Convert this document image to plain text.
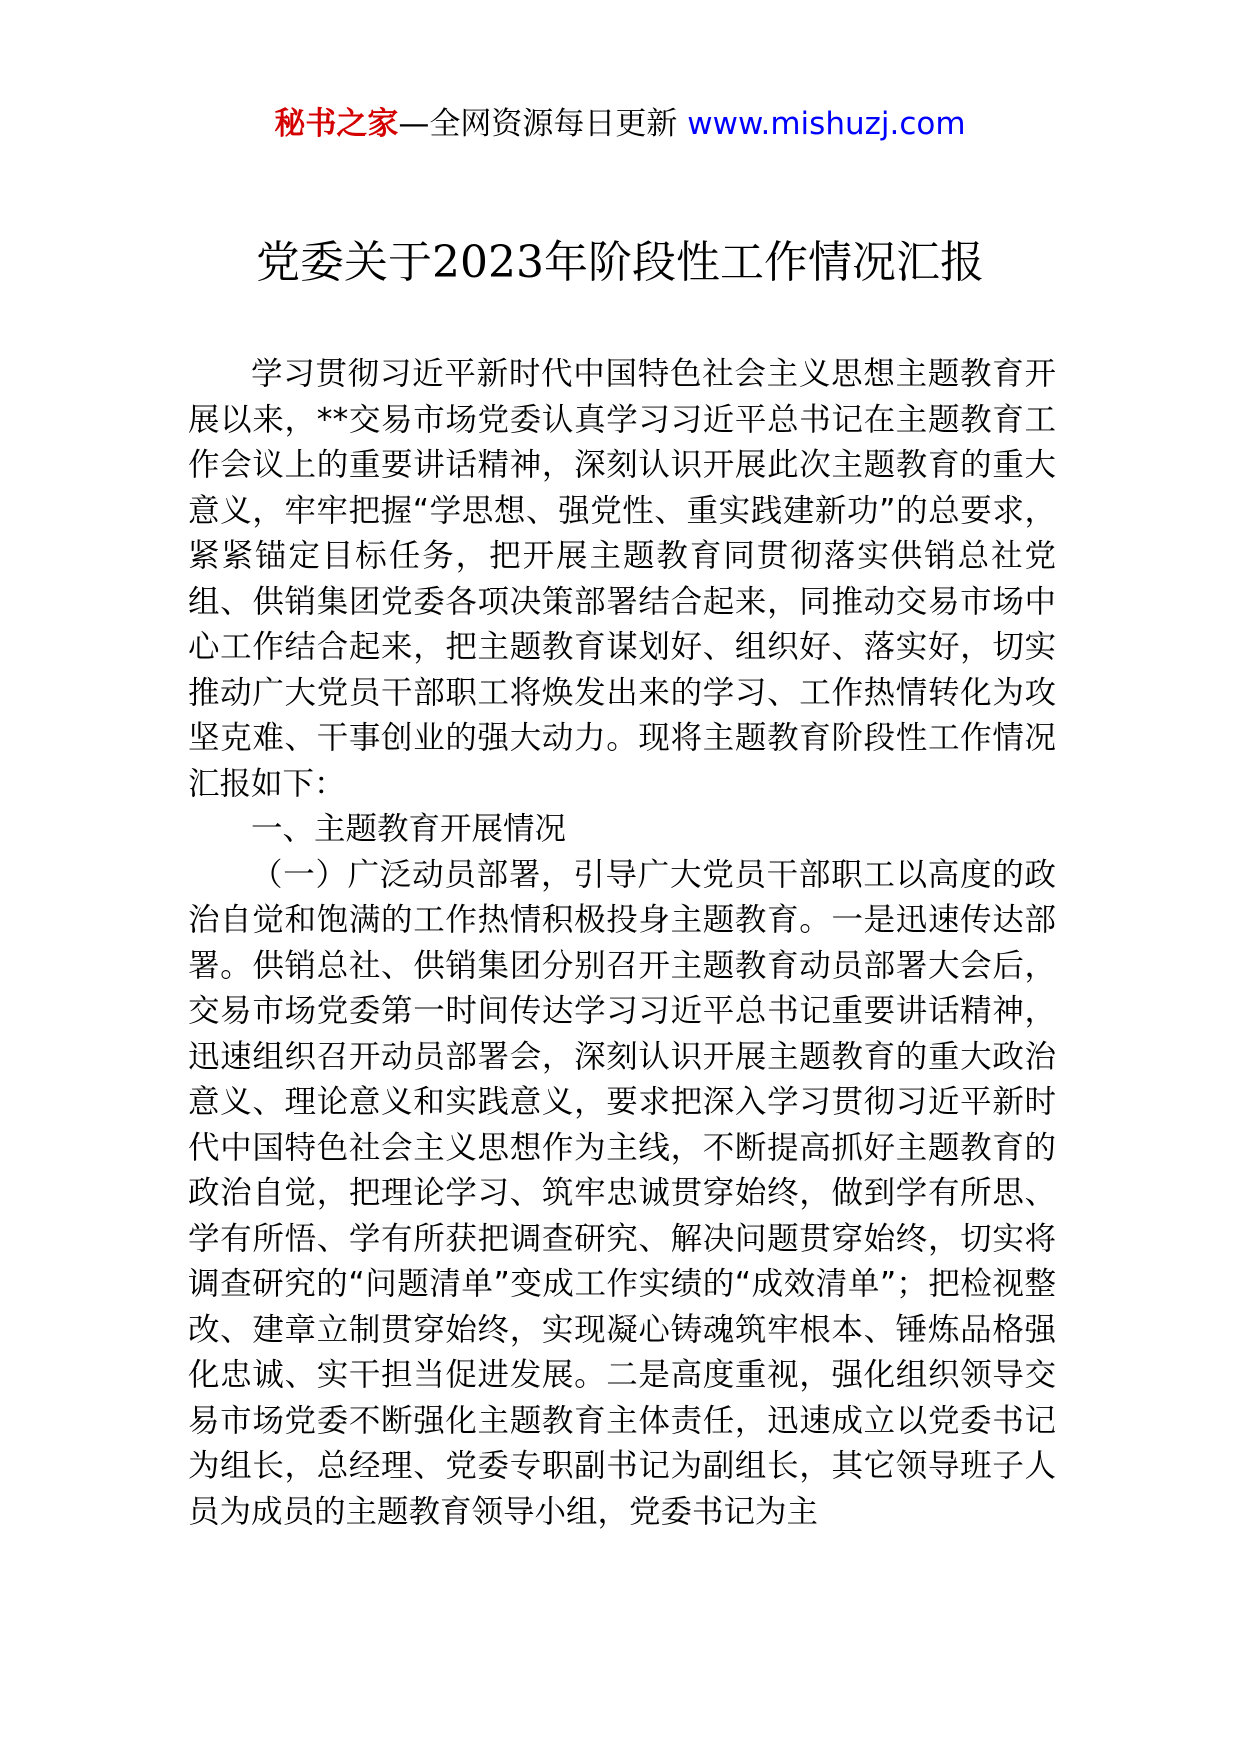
秘书之家—全网资源每日更新 www.mishuzj.com
党委关于2023年阶段性工作情况汇报

学习贯彻习近平新时代中国特色社会主义思想主题教育开展以来，**交易市场党委认真学习习近平总书记在主题教育工作会议上的重要讲话精神，深刻认识开展此次主题教育的重大意义，牢牢把握“学思想、强党性、重实践建新功”的总要求，紧紧锚定目标任务，把开展主题教育同贯彻落实供销总社党组、供销集团党委各项决策部署结合起来，同推动交易市场中心工作结合起来，把主题教育谋划好、组织好、落实好，切实推动广大党员干部职工将焕发出来的学习、工作热情转化为攻坚克难、干事创业的强大动力。现将主题教育阶段性工作情况汇报如下：

一、主题教育开展情况

（一）广泛动员部署，引导广大党员干部职工以高度的政治自觉和饱满的工作热情积极投身主题教育。一是迅速传达部署。供销总社、供销集团分别召开主题教育动员部署大会后，交易市场党委第一时间传达学习习近平总书记重要讲话精神，迅速组织召开动员部署会，深刻认识开展主题教育的重大政治意义、理论意义和实践意义，要求把深入学习贯彻习近平新时代中国特色社会主义思想作为主线，不断提高抓好主题教育的政治自觉，把理论学习、筑牢忠诚贯穿始终，做到学有所思、学有所悟、学有所获把调查研究、解决问题贯穿始终，切实将调查研究的“问题清单”变成工作实绩的“成效清单”；把检视整改、建章立制贯穿始终，实现凝心铸魂筑牢根本、锤炼品格强化忠诚、实干担当促进发展。二是高度重视，强化组织领导交易市场党委不断强化主题教育主体责任，迅速成立以党委书记为组长，总经理、党委专职副书记为副组长，其它领导班子人员为成员的主题教育领导小组，党委书记为主
